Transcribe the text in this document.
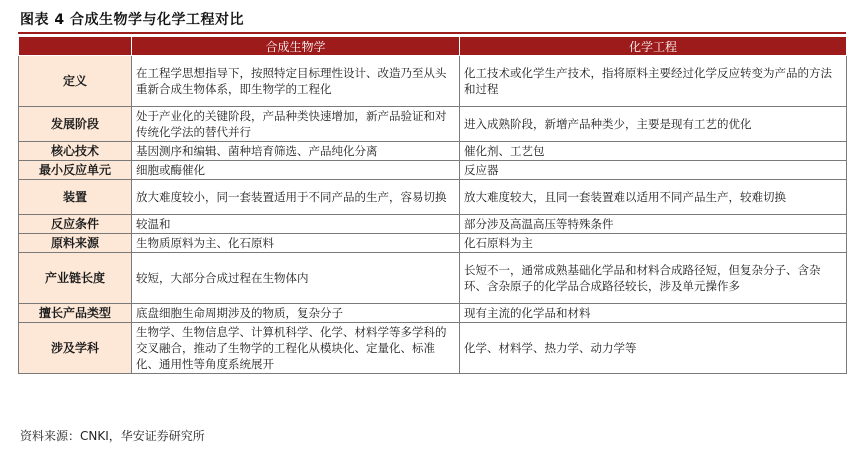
图表 4 合成生物学与化学工程对比
	合成生物学	化学工程
定义	在工程学思想指导下，按照特定目标理性设计、改造乃至从头重新合成生物体系，即生物学的工程化	化工技术或化学生产技术，指将原料主要经过化学反应转变为产品的方法和过程
发展阶段	处于产业化的关键阶段，产品种类快速增加，新产品验证和对传统化学法的替代并行	进入成熟阶段，新增产品种类少，主要是现有工艺的优化
核心技术	基因测序和编辑、菌种培育筛选、产品纯化分离	催化剂、工艺包
最小反应单元	细胞或酶催化	反应器
装置	放大难度较小，同一套装置适用于不同产品的生产，容易切换	放大难度较大，且同一套装置难以适用不同产品生产，较难切换
反应条件	较温和	部分涉及高温高压等特殊条件
原料来源	生物质原料为主、化石原料	化石原料为主
产业链长度	较短，大部分合成过程在生物体内	长短不一，通常成熟基础化学品和材料合成路径短，但复杂分子、含杂环、含杂原子的化学品合成路径较长，涉及单元操作多
擅长产品类型	底盘细胞生命周期涉及的物质，复杂分子	现有主流的化学品和材料
涉及学科	生物学、生物信息学、计算机科学、化学、材料学等多学科的交叉融合，推动了生物学的工程化从模块化、定量化、标准化、通用性等角度系统展开	化学、材料学、热力学、动力学等
资料来源：CNKI，华安证券研究所
